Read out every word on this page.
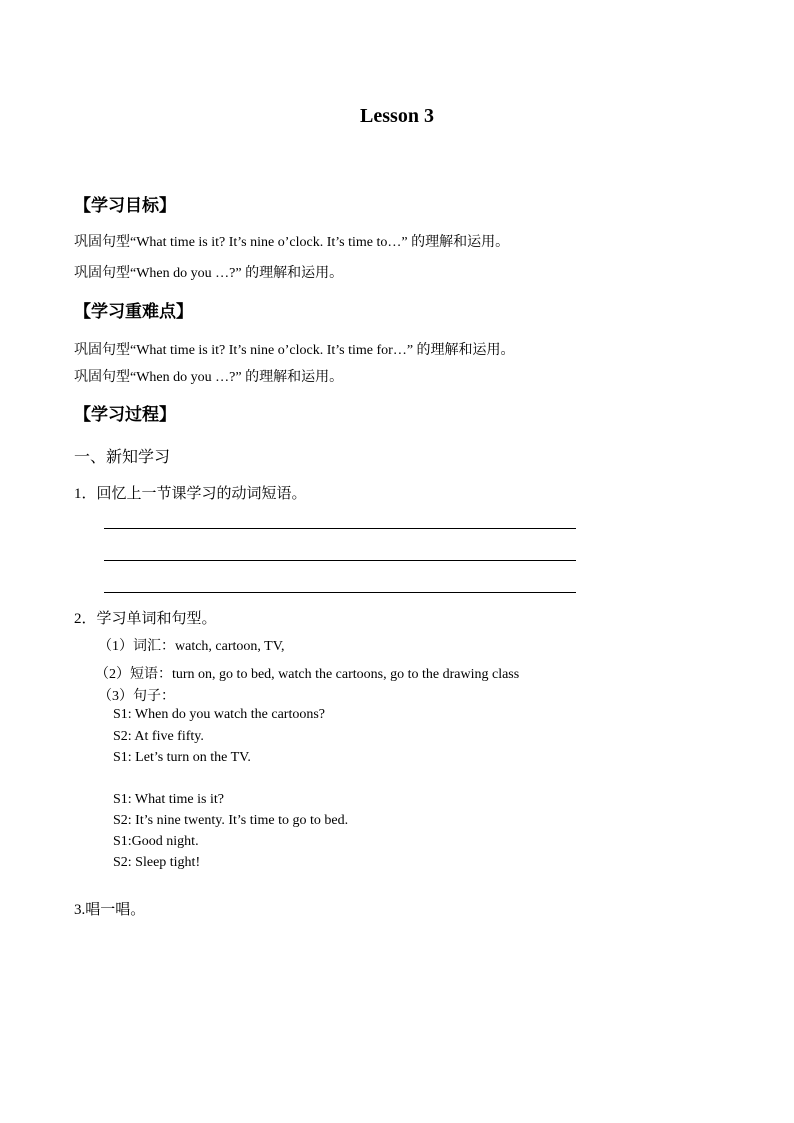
Lesson 3
【学习目标】
巩固句型“What time is it? It’s nine o’clock. It’s time to…” 的理解和运用。
巩固句型“When do you …?” 的理解和运用。
【学习重难点】
巩固句型“What time is it? It’s nine o’clock. It’s time for…” 的理解和运用。
巩固句型“When do you …?” 的理解和运用。
【学习过程】
一、新知学习
1．回忆上一节课学习的动词短语。
2．学习单词和句型。
（1）词汇：watch, cartoon, TV,
（2）短语：turn on, go to bed, watch the cartoons, go to the drawing class
（3）句子：
S1: When do you watch the cartoons?
S2: At five fifty.
S1: Let’s turn on the TV.
S1: What time is it?
S2: It’s nine twenty. It’s time to go to bed.
S1:Good night.
S2: Sleep tight!
3.唱一唱。
